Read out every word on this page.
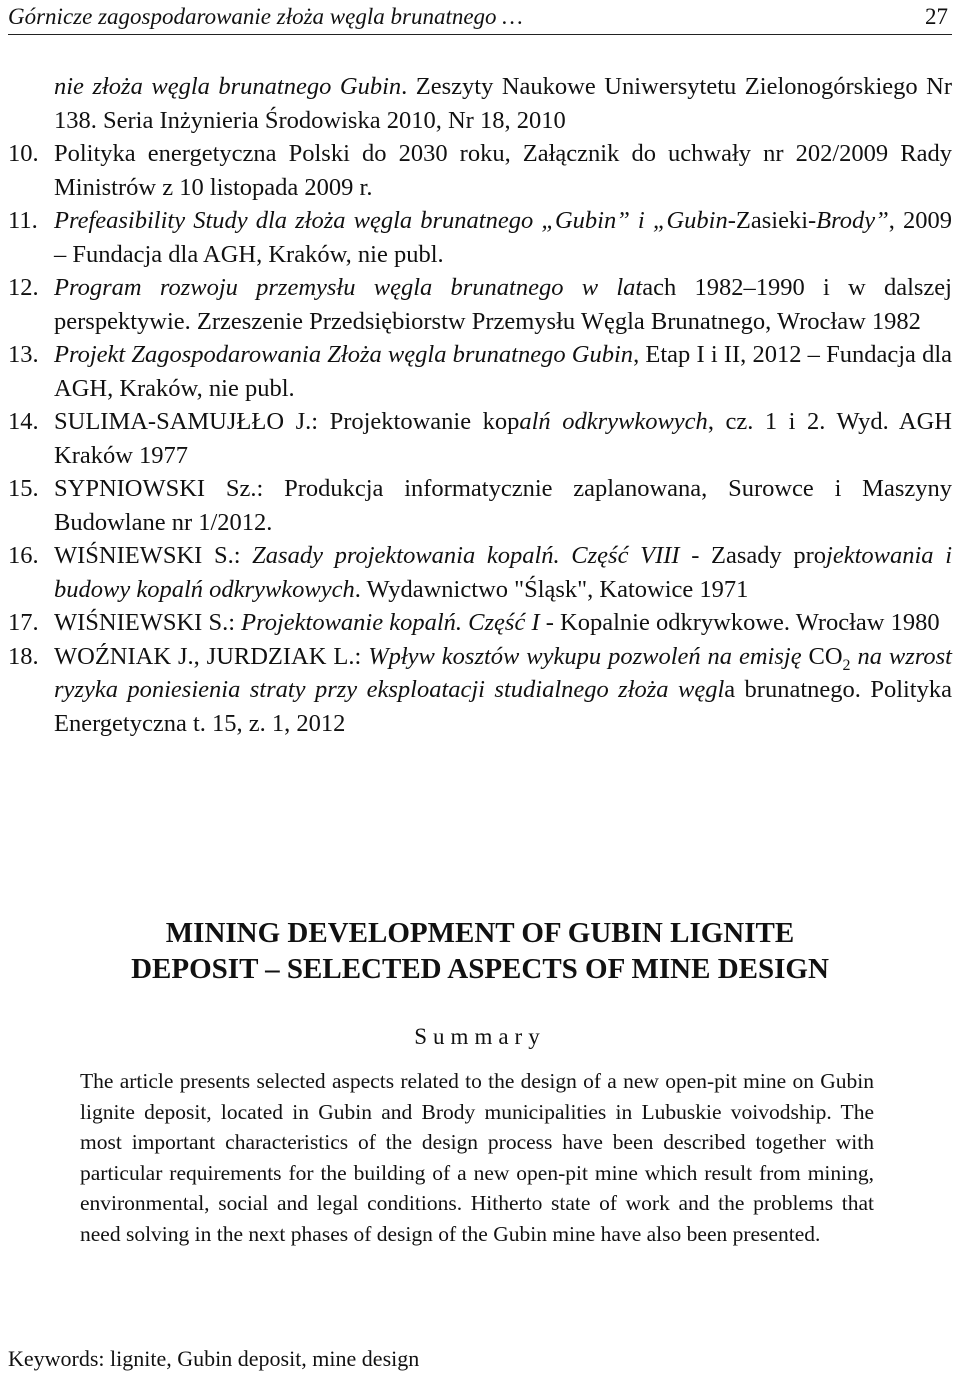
Górnicze zagospodarowanie złoża węgla brunatnego …	27
nie złoża węgla brunatnego Gubin. Zeszyty Naukowe Uniwersytetu Zielonogórskiego Nr 138. Seria Inżynieria Środowiska 2010, Nr 18, 2010
10. Polityka energetyczna Polski do 2030 roku, Załącznik do uchwały nr 202/2009 Rady Ministrów z 10 listopada 2009 r.
11. Prefeasibility Study dla złoża węgla brunatnego „Gubin” i „Gubin-Zasieki-Brody”, 2009 – Fundacja dla AGH, Kraków, nie publ.
12. Program rozwoju przemysłu węgla brunatnego w latach 1982–1990 i w dalszej perspektywie. Zrzeszenie Przedsiębiorstw Przemysłu Węgla Brunatnego, Wrocław 1982
13. Projekt Zagospodarowania Złoża węgla brunatnego Gubin, Etap I i II, 2012 – Fundacja dla AGH, Kraków, nie publ.
14. SULIMA-SAMUJŁŁO J.: Projektowanie kopalń odkrywkowych, cz. 1 i 2. Wyd. AGH Kraków 1977
15. SYPNIOWSKI Sz.: Produkcja informatycznie zaplanowana, Surowce i Maszyny Budowlane nr 1/2012.
16. WIŚNIEWSKI S.: Zasady projektowania kopalń. Część VIII - Zasady projektowania i budowy kopalń odkrywkowych. Wydawnictwo "Śląsk", Katowice 1971
17. WIŚNIEWSKI S.: Projektowanie kopalń. Część I - Kopalnie odkrywkowe. Wrocław 1980
18. WOŹNIAK J., JURDZIAK L.: Wpływ kosztów wykupu pozwoleń na emisję $CO_2$ na wzrost ryzyka poniesienia straty przy eksploatacji studialnego złoża węgla brunatnego. Polityka Energetyczna t. 15, z. 1, 2012
MINING DEVELOPMENT OF GUBIN LIGNITE
DEPOSIT – SELECTED ASPECTS OF MINE DESIGN
Summary
The article presents selected aspects related to the design of a new open-pit mine on Gubin lignite deposit, located in Gubin and Brody municipalities in Lubuskie voivodship. The most important characteristics of the design process have been described together with particular requirements for the building of a new open-pit mine which result from mining, environmental, social and legal conditions. Hitherto state of work and the problems that need solving in the next phases of design of the Gubin mine have also been presented.
Keywords: lignite, Gubin deposit, mine design
